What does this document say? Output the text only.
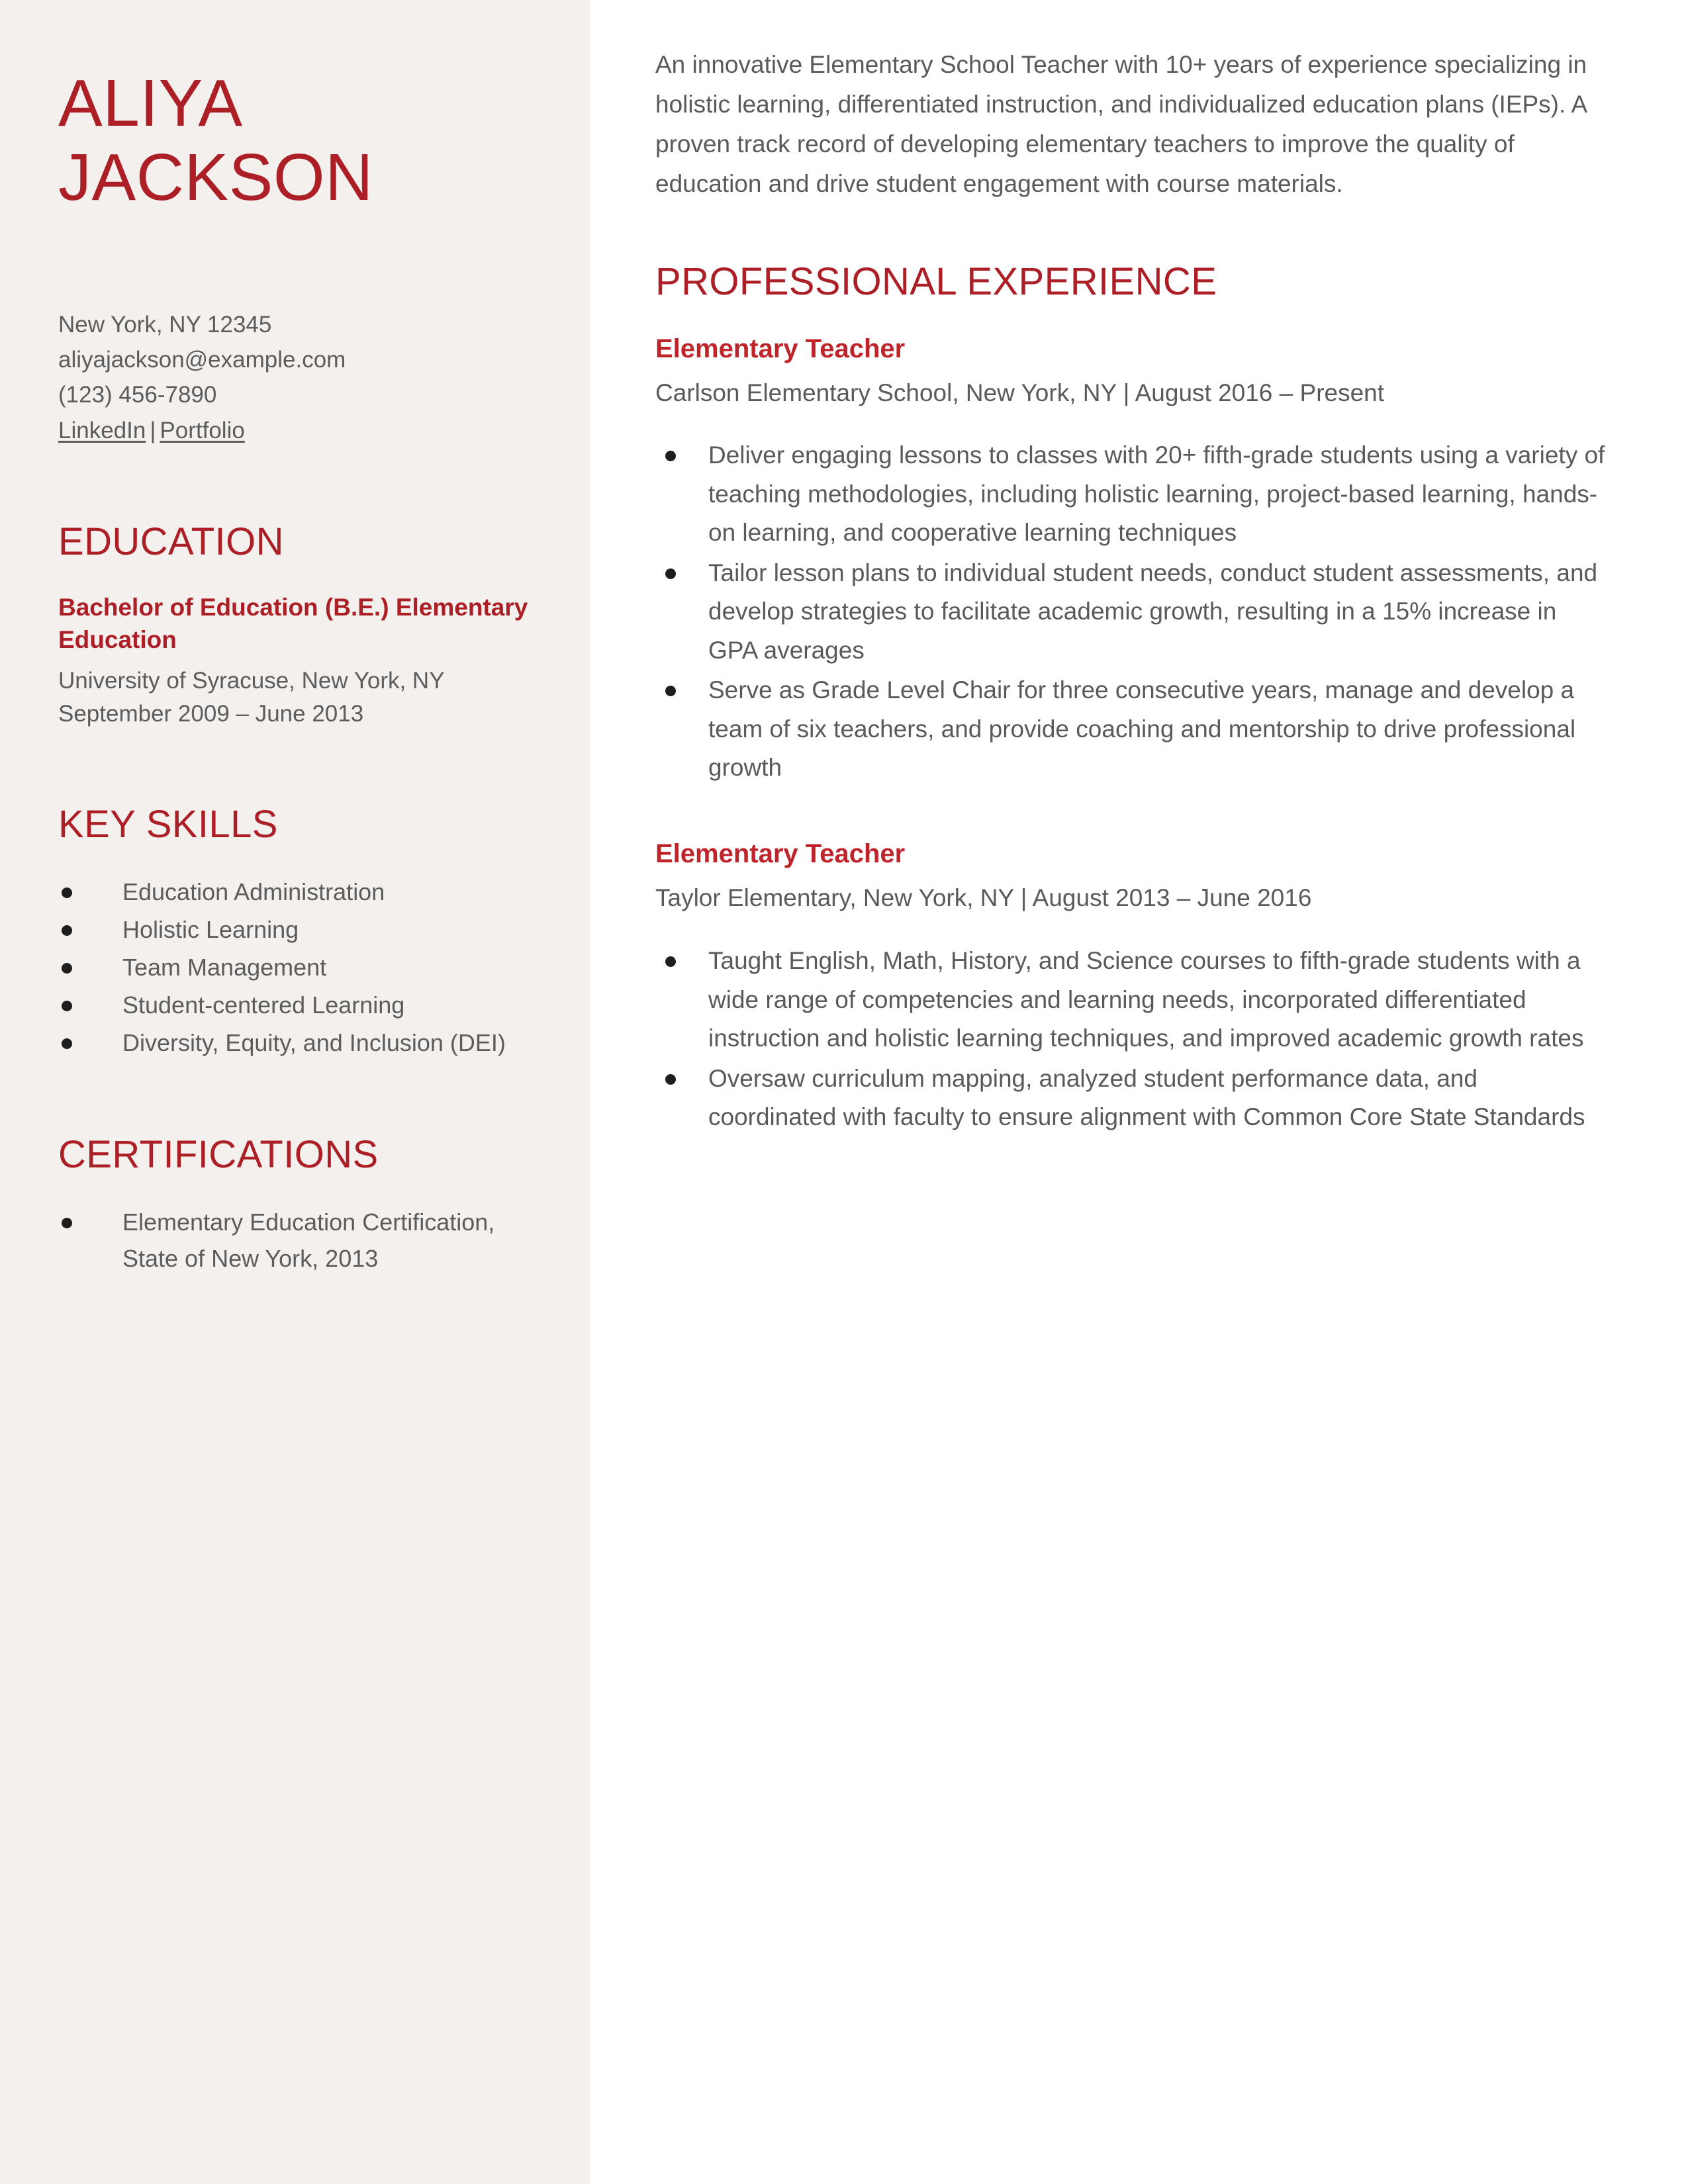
ALIYA
JACKSON
New York, NY 12345
aliyajackson@example.com
(123) 456-7890
LinkedIn | Portfolio
EDUCATION
Bachelor of Education (B.E.) Elementary Education
University of Syracuse, New York, NY
September 2009 – June 2013
KEY SKILLS
Education Administration
Holistic Learning
Team Management
Student-centered Learning
Diversity, Equity, and Inclusion (DEI)
CERTIFICATIONS
Elementary Education Certification, State of New York, 2013

An innovative Elementary School Teacher with 10+ years of experience specializing in holistic learning, differentiated instruction, and individualized education plans (IEPs). A proven track record of developing elementary teachers to improve the quality of education and drive student engagement with course materials.

PROFESSIONAL EXPERIENCE
Elementary Teacher
Carlson Elementary School, New York, NY | August 2016 – Present
Deliver engaging lessons to classes with 20+ fifth-grade students using a variety of teaching methodologies, including holistic learning, project-based learning, hands-on learning, and cooperative learning techniques
Tailor lesson plans to individual student needs, conduct student assessments, and develop strategies to facilitate academic growth, resulting in a 15% increase in GPA averages
Serve as Grade Level Chair for three consecutive years, manage and develop a team of six teachers, and provide coaching and mentorship to drive professional growth
Elementary Teacher
Taylor Elementary, New York, NY | August 2013 – June 2016
Taught English, Math, History, and Science courses to fifth-grade students with a wide range of competencies and learning needs, incorporated differentiated instruction and holistic learning techniques, and improved academic growth rates
Oversaw curriculum mapping, analyzed student performance data, and coordinated with faculty to ensure alignment with Common Core State Standards
